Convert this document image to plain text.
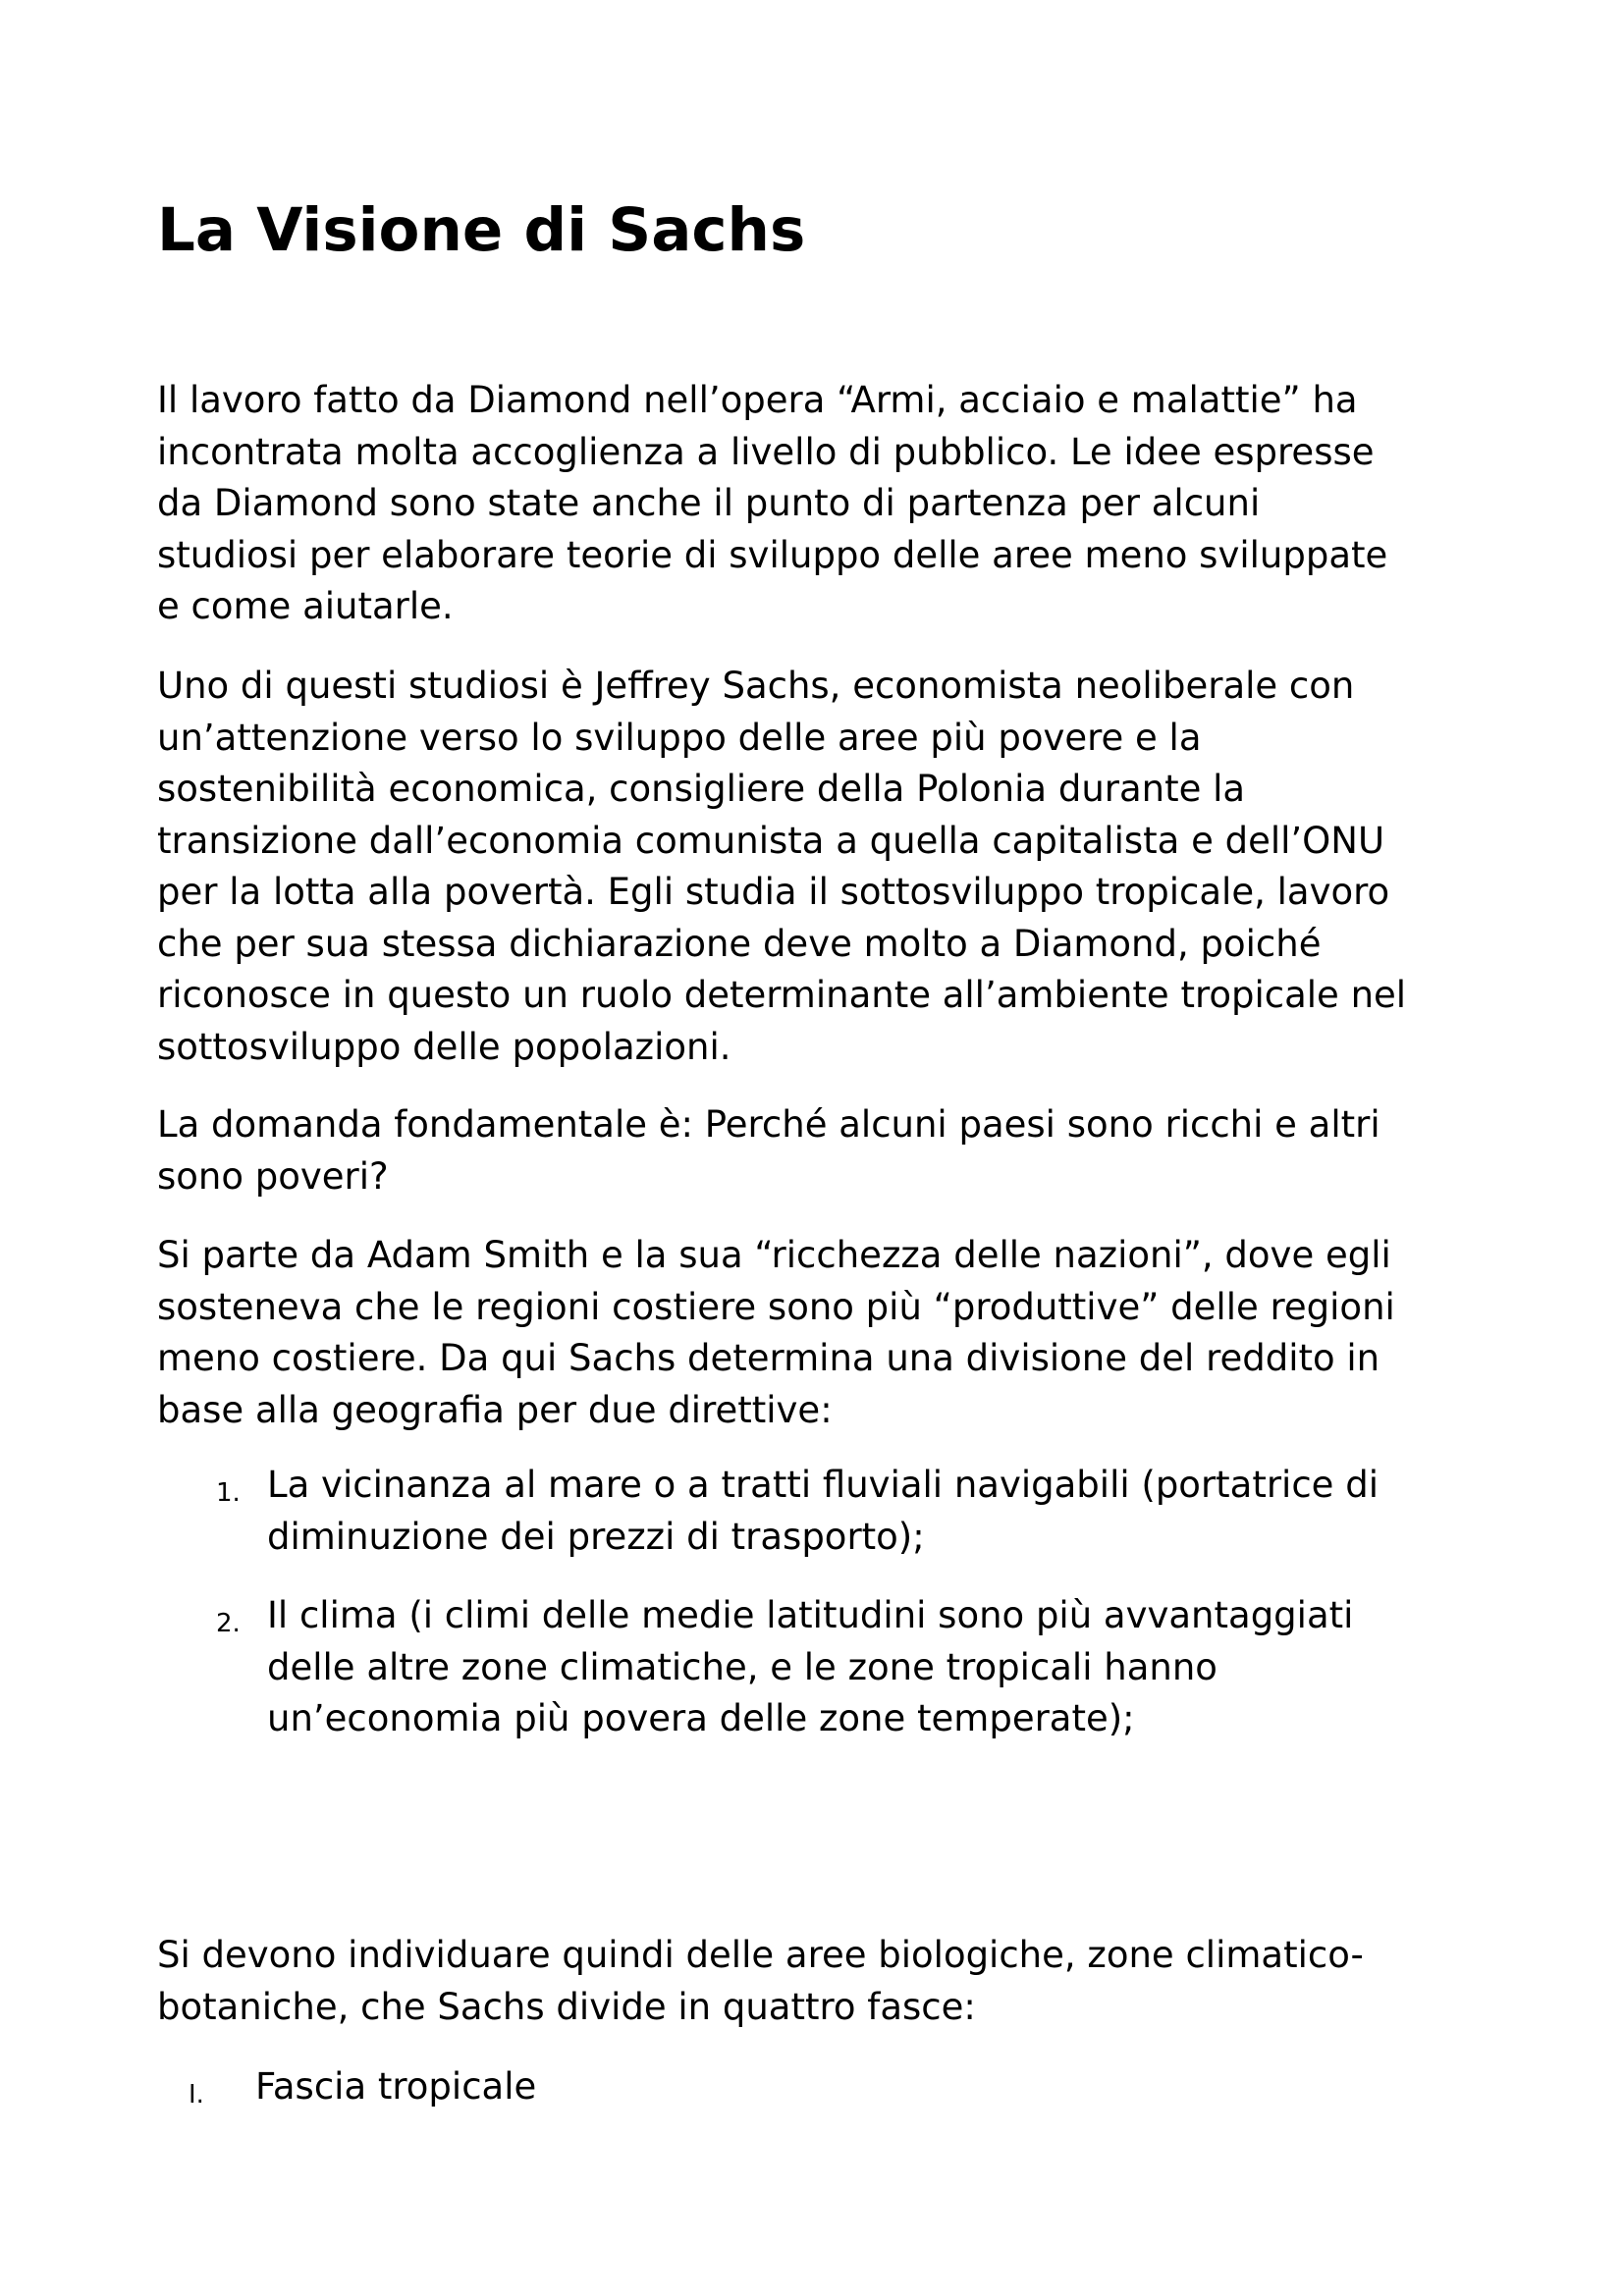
La Visione di Sachs
Il lavoro fatto da Diamond nell’opera “Armi, acciaio e malattie” ha
incontrata molta accoglienza a livello di pubblico. Le idee espresse
da Diamond sono state anche il punto di partenza per alcuni
studiosi per elaborare teorie di sviluppo delle aree meno sviluppate
e come aiutarle.
Uno di questi studiosi è Jeffrey Sachs, economista neoliberale con
un’attenzione verso lo sviluppo delle aree più povere e la
sostenibilità economica, consigliere della Polonia durante la
transizione dall’economia comunista a quella capitalista e dell’ONU
per la lotta alla povertà. Egli studia il sottosviluppo tropicale, lavoro
che per sua stessa dichiarazione deve molto a Diamond, poiché
riconosce in questo un ruolo determinante all’ambiente tropicale nel
sottosviluppo delle popolazioni.
La domanda fondamentale è: Perché alcuni paesi sono ricchi e altri
sono poveri?
Si parte da Adam Smith e la sua “ricchezza delle nazioni”, dove egli
sosteneva che le regioni costiere sono più “produttive” delle regioni
meno costiere. Da qui Sachs determina una divisione del reddito in
base alla geografia per due direttive:
1. La vicinanza al mare o a tratti fluviali navigabili (portatrice di
diminuzione dei prezzi di trasporto);
2. Il clima (i climi delle medie latitudini sono più avvantaggiati
delle altre zone climatiche, e le zone tropicali hanno
un’economia più povera delle zone temperate);
Si devono individuare quindi delle aree biologiche, zone climatico-
botaniche, che Sachs divide in quattro fasce:
I. Fascia tropicale
